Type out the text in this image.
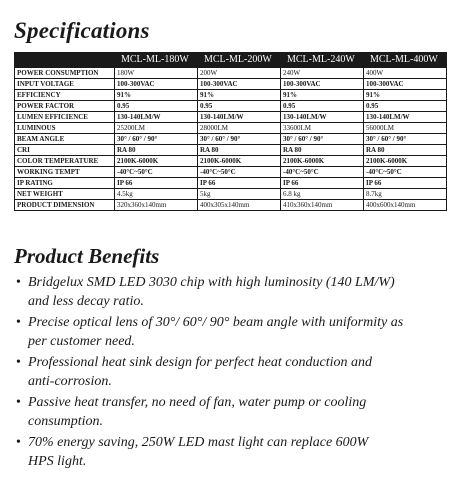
Specifications
	MCL-ML-180W	MCL-ML-200W	MCL-ML-240W	MCL-ML-400W
POWER CONSUMPTION	180W	200W	240W	400W
INPUT VOLTAGE	100-300VAC	100-300VAC	100-300VAC	100-300VAC
EFFICIENCY	91%	91%	91%	91%
POWER FACTOR	0.95	0.95	0.95	0.95
LUMEN EFFICIENCE	130-140LM/W	130-140LM/W	130-140LM/W	130-140LM/W
LUMINOUS	25200LM	28000LM	33600LM	56000LM
BEAM ANGLE	30° / 60° / 90°	30° / 60° / 90°	30° / 60° / 90°	30° / 60° / 90°
CRI	RA 80	RA 80	RA 80	RA 80
COLOR TEMPERATURE	2100K-6000K	2100K-6000K	2100K-6000K	2100K-6000K
WORKING TEMPT	-40°C~50°C	-40°C~50°C	-40°C~50°C	-40°C~50°C
IP RATING	IP 66	IP 66	IP 66	IP 66
NET WEIGHT	4.5kg	5kg	6.8 kg	8.7kg
PRODUCT DIMENSION	320x360x140mm	400x305x140mm	410x360x140mm	400x600x140mm
Product Benefits
• Bridgelux SMD LED 3030 chip with high luminosity (140 LM/W)
and less decay ratio.
• Precise optical lens of 30°/ 60°/ 90° beam angle with uniformity as
per customer need.
• Professional heat sink design for perfect heat conduction and
anti-corrosion.
• Passive heat transfer, no need of fan, water pump or cooling
consumption.
• 70% energy saving, 250W LED mast light can replace 600W
HPS light.
